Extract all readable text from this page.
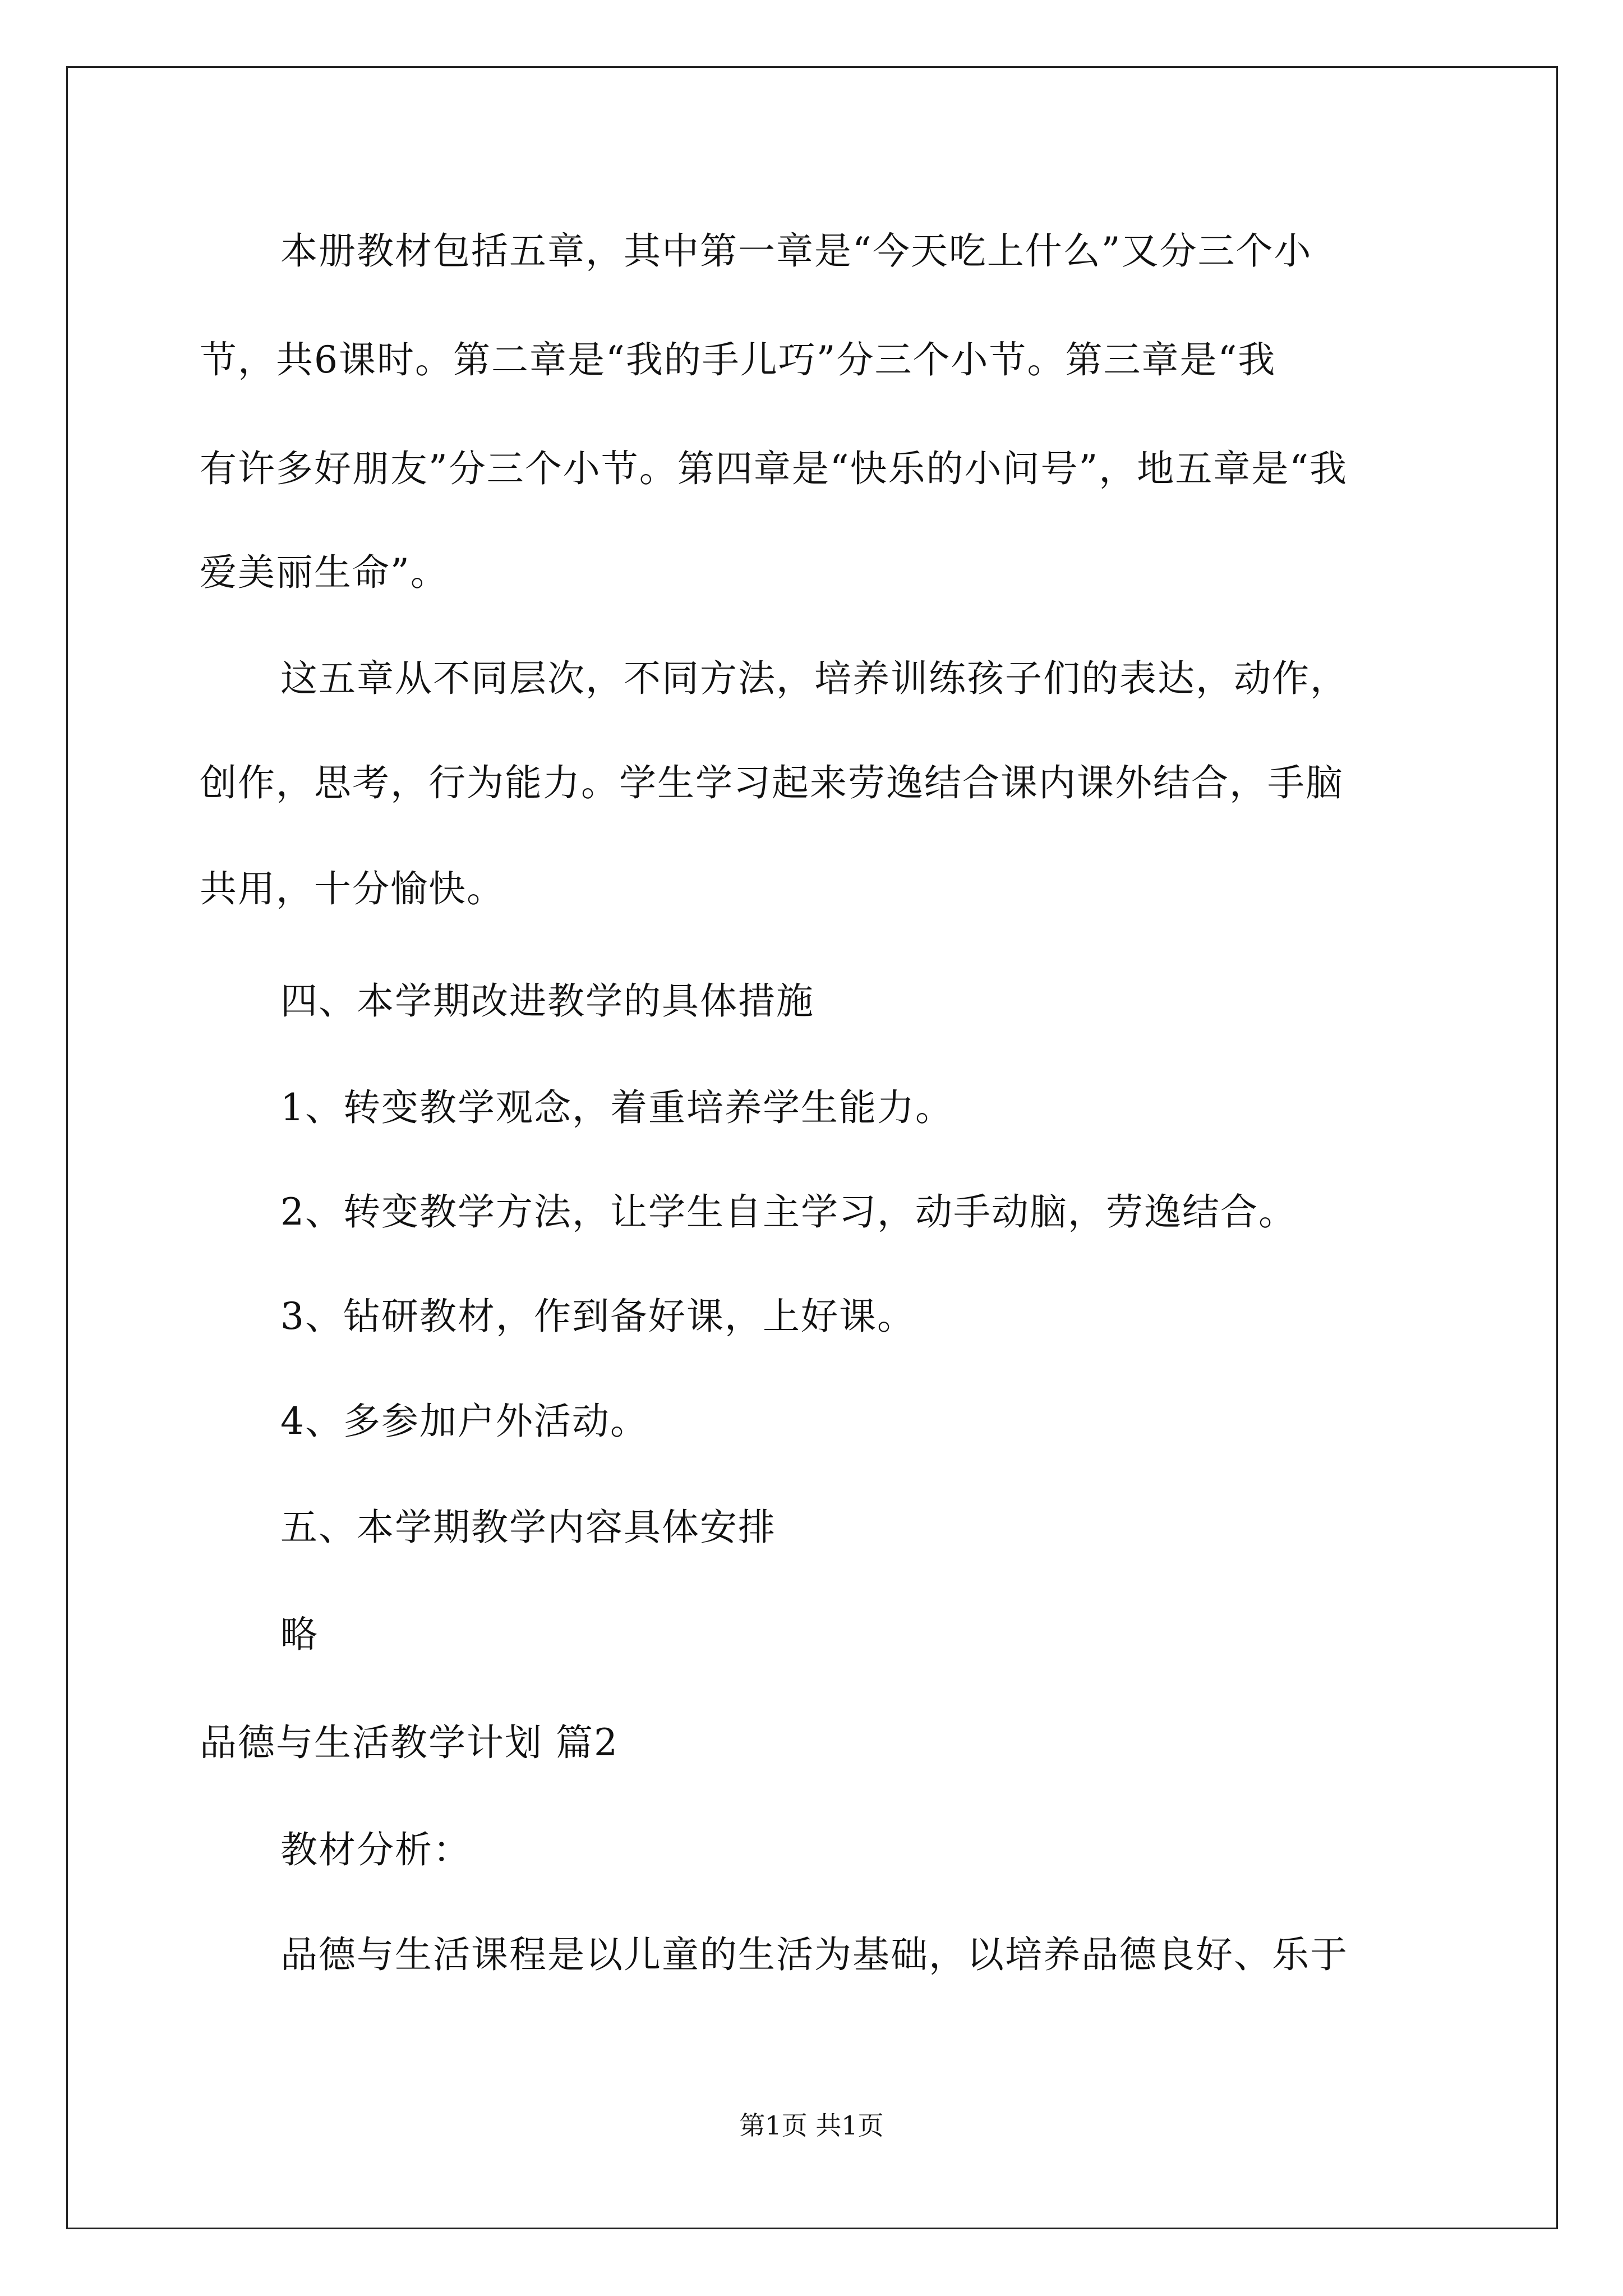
本册教材包括五章，其中第一章是“今天吃上什么”又分三个小
节，共6课时。第二章是“我的手儿巧”分三个小节。第三章是“我
有许多好朋友”分三个小节。第四章是“快乐的小问号”，地五章是“我
爱美丽生命”。
这五章从不同层次，不同方法，培养训练孩子们的表达，动作，
创作，思考，行为能力。学生学习起来劳逸结合课内课外结合，手脑
共用，十分愉快。
四、本学期改进教学的具体措施
1、转变教学观念，着重培养学生能力。
2、转变教学方法，让学生自主学习，动手动脑，劳逸结合。
3、钻研教材，作到备好课，上好课。
4、多参加户外活动。
五、本学期教学内容具体安排
略
品德与生活教学计划 篇2
教材分析：
品德与生活课程是以儿童的生活为基础，以培养品德良好、乐于
第1页 共1页
